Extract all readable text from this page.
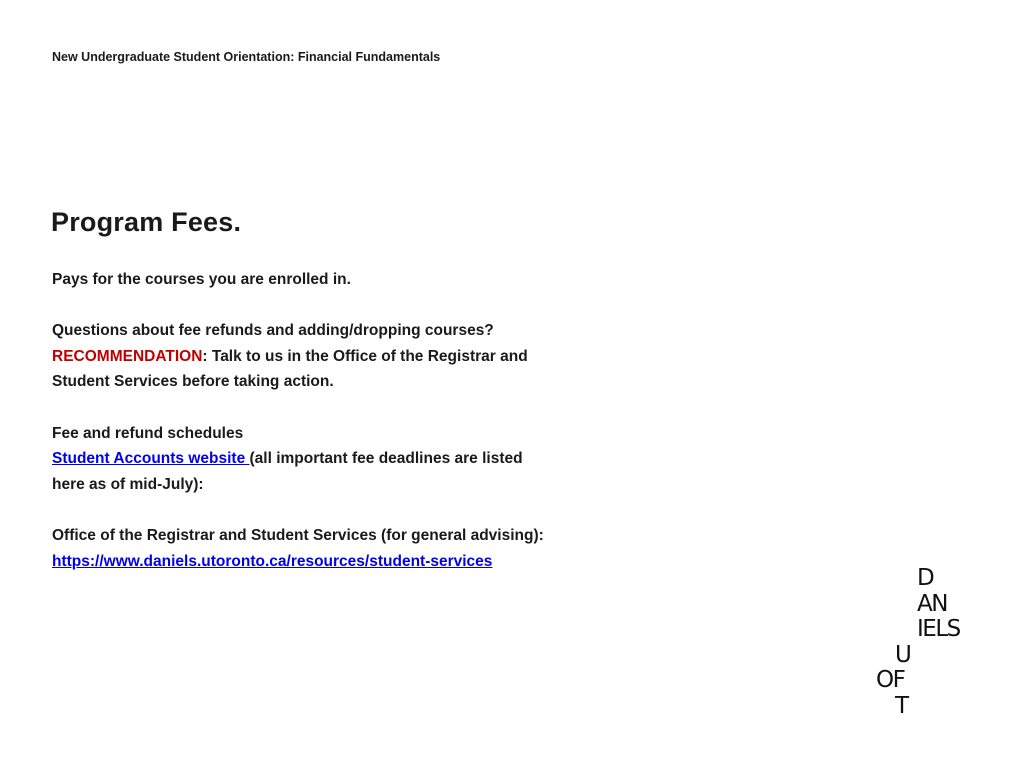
New Undergraduate Student Orientation: Financial Fundamentals
Program Fees.

Pays for the courses you are enrolled in.

Questions about fee refunds and adding/dropping courses?
RECOMMENDATION: Talk to us in the Office of the Registrar and
Student Services before taking action.

Fee and refund schedules
Student Accounts website (all important fee deadlines are listed
here as of mid-July):

Office of the Registrar and Student Services (for general advising):
https://www.daniels.utoronto.ca/resources/student-services

D
AN
IELS
U
OF
T
